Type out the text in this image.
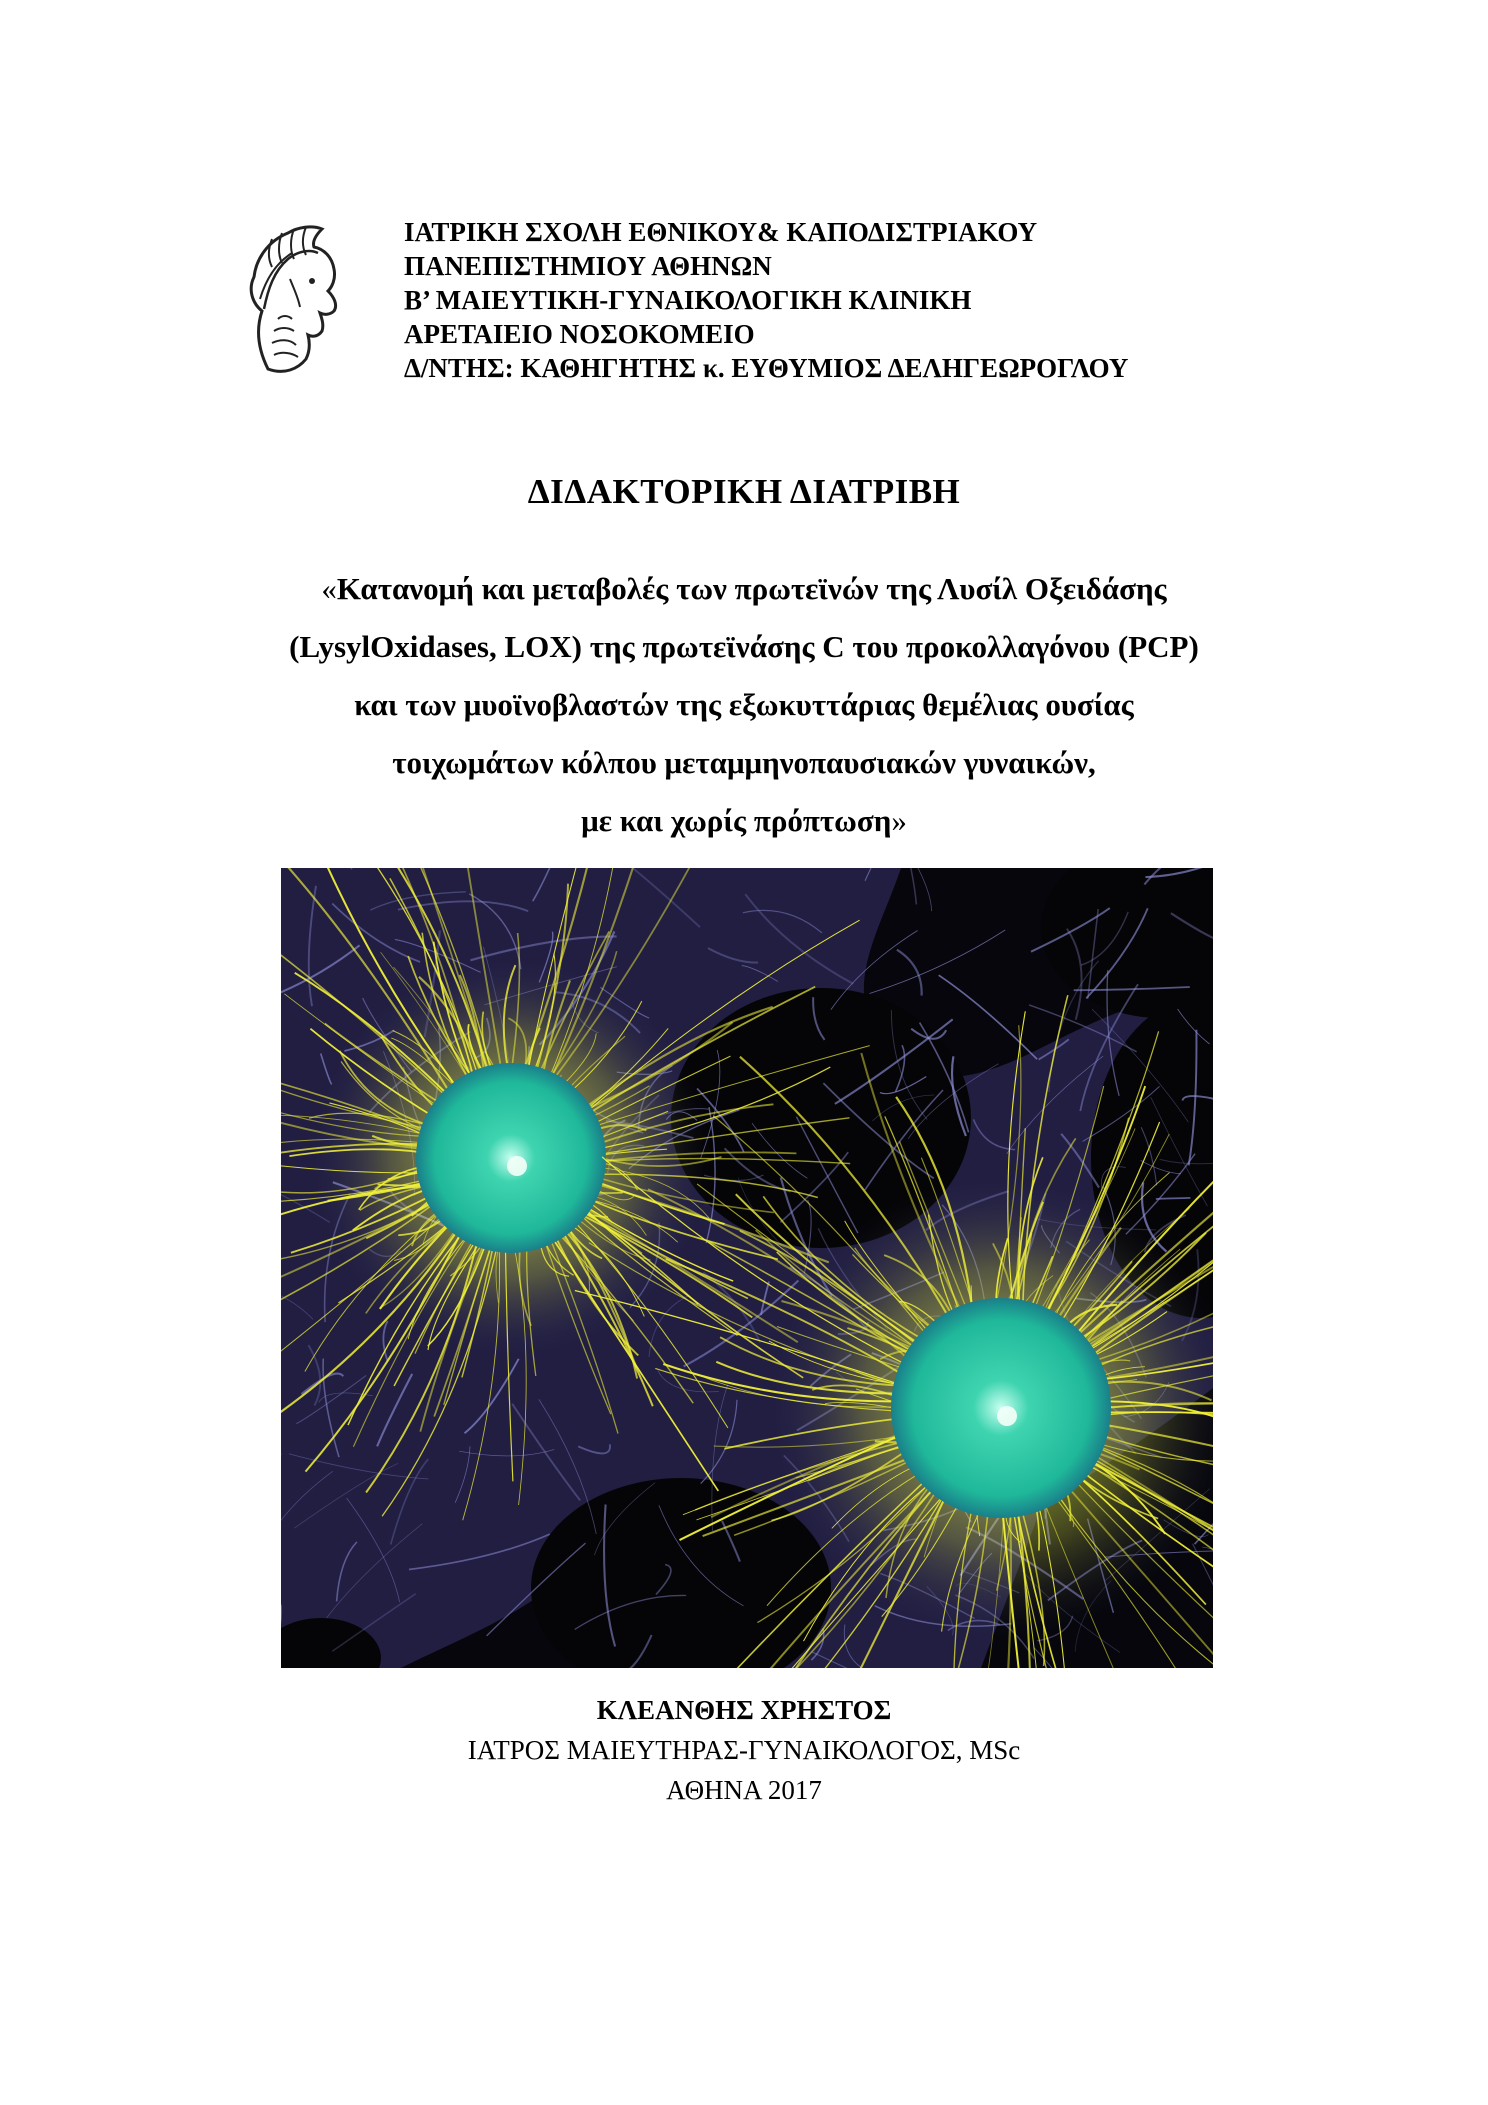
ΙΑΤΡΙΚΗ ΣΧΟΛΗ ΕΘΝΙΚΟΥ& ΚΑΠΟΔΙΣΤΡΙΑΚΟΥ
ΠΑΝΕΠΙΣΤΗΜΙΟΥ ΑΘΗΝΩΝ
Β’ ΜΑΙΕΥΤΙΚΗ-ΓΥΝΑΙΚΟΛΟΓΙΚΗ ΚΛΙΝΙΚΗ
ΑΡΕΤΑΙΕΙΟ ΝΟΣΟΚΟΜΕΙΟ
Δ/ΝΤΗΣ: ΚΑΘΗΓΗΤΗΣ κ. ΕΥΘΥΜΙΟΣ ΔΕΛΗΓΕΩΡΟΓΛΟΥ
ΔΙΔΑΚΤΟΡΙΚΗ ΔΙΑΤΡΙΒΗ
«Κατανομή και μεταβολές των πρωτεϊνών της Λυσίλ Οξειδάσης
(LysylOxidases, LOX) της πρωτεϊνάσης C του προκολλαγόνου (PCP)
και των μυοϊνοβλαστών της εξωκυττάριας θεμέλιας ουσίας
τοιχωμάτων κόλπου μεταμμηνοπαυσιακών γυναικών,
με και χωρίς πρόπτωση»
ΚΛΕΑΝΘΗΣ ΧΡΗΣΤΟΣ
ΙΑΤΡΟΣ ΜΑΙΕΥΤΗΡΑΣ-ΓΥΝΑΙΚΟΛΟΓΟΣ, MSc
ΑΘΗΝΑ 2017
